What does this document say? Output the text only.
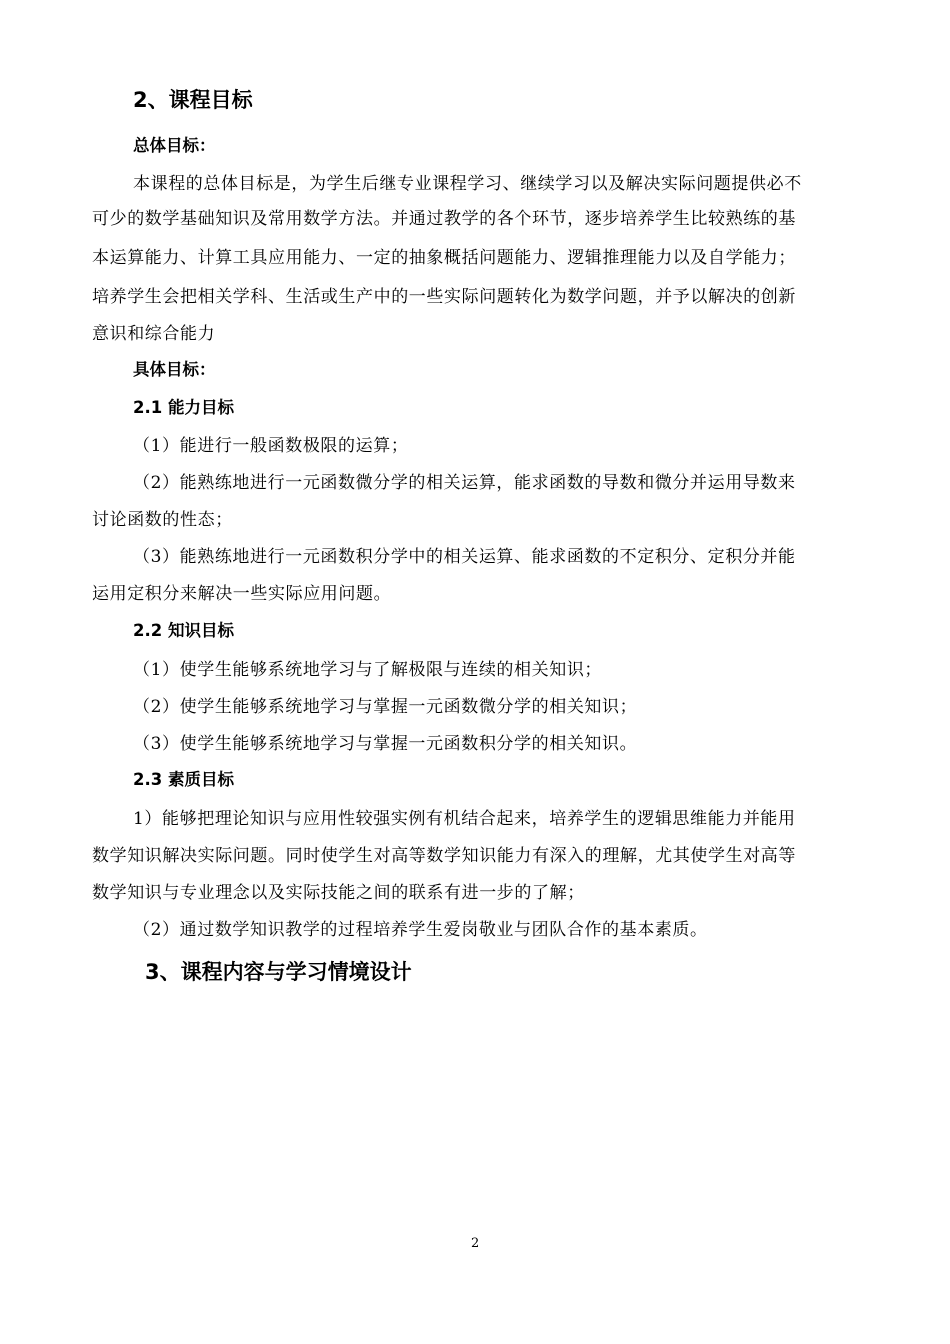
2、课程目标
总体目标：
本课程的总体目标是，为学生后继专业课程学习、继续学习以及解决实际问题提供必不
可少的数学基础知识及常用数学方法。并通过教学的各个环节，逐步培养学生比较熟练的基
本运算能力、计算工具应用能力、一定的抽象概括问题能力、逻辑推理能力以及自学能力；
培养学生会把相关学科、生活或生产中的一些实际问题转化为数学问题，并予以解决的创新
意识和综合能力
具体目标：
2.1 能力目标
（1）能进行一般函数极限的运算；
（2）能熟练地进行一元函数微分学的相关运算，能求函数的导数和微分并运用导数来
讨论函数的性态；
（3）能熟练地进行一元函数积分学中的相关运算、能求函数的不定积分、定积分并能
运用定积分来解决一些实际应用问题。
2.2 知识目标
（1）使学生能够系统地学习与了解极限与连续的相关知识；
（2）使学生能够系统地学习与掌握一元函数微分学的相关知识；
（3）使学生能够系统地学习与掌握一元函数积分学的相关知识。
2.3 素质目标
1）能够把理论知识与应用性较强实例有机结合起来，培养学生的逻辑思维能力并能用
数学知识解决实际问题。同时使学生对高等数学知识能力有深入的理解，尤其使学生对高等
数学知识与专业理念以及实际技能之间的联系有进一步的了解；
（2）通过数学知识教学的过程培养学生爱岗敬业与团队合作的基本素质。
3、课程内容与学习情境设计
2
